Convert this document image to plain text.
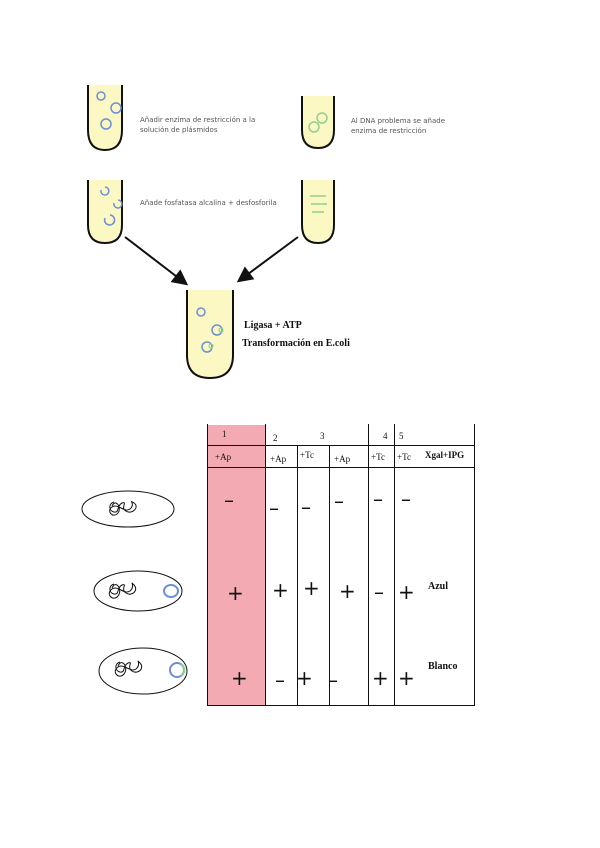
Añadir enzima de restricción a la solución de plásmidos
Al DNA problema se añade enzima de restricción
Añade fosfatasa alcalina + desfosforila
Ligasa + ATP
Transformación en E.coli
1	2	3	4 5
+Ap	+Ap +Tc +Ap +Tc +Tc Xgal+IPG
– – – – – –
+ + + + – + Azul
+ – + – + + Blanco
